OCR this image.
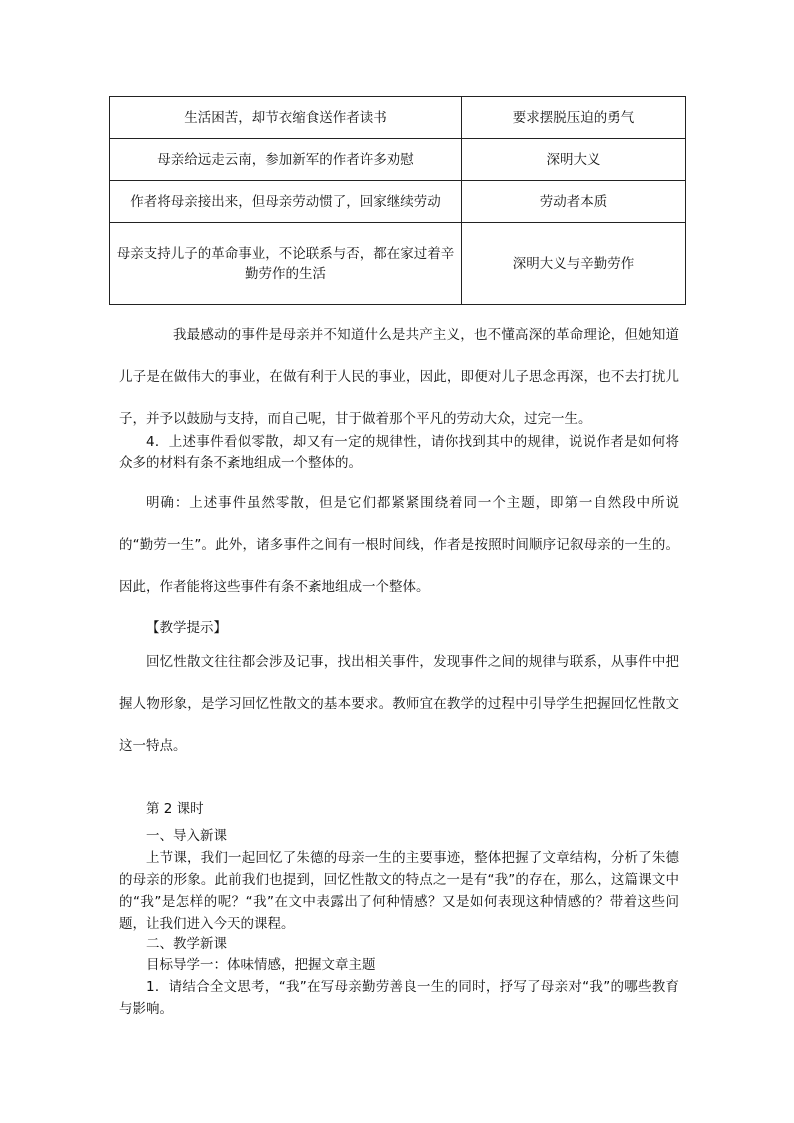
生活困苦，却节衣缩食送作者读书	要求摆脱压迫的勇气
母亲给远走云南，参加新军的作者许多劝慰	深明大义
作者将母亲接出来，但母亲劳动惯了，回家继续劳动	劳动者本质
母亲支持儿子的革命事业，不论联系与否，都在家过着辛勤劳作的生活	深明大义与辛勤劳作

我最感动的事件是母亲并不知道什么是共产主义，也不懂高深的革命理论，但她知道儿子是在做伟大的事业，在做有利于人民的事业，因此，即便对儿子思念再深，也不去打扰儿子，并予以鼓励与支持，而自己呢，甘于做着那个平凡的劳动大众，过完一生。

4．上述事件看似零散，却又有一定的规律性，请你找到其中的规律，说说作者是如何将众多的材料有条不紊地组成一个整体的。

明确：上述事件虽然零散，但是它们都紧紧围绕着同一个主题，即第一自然段中所说的“勤劳一生”。此外，诸多事件之间有一根时间线，作者是按照时间顺序记叙母亲的一生的。因此，作者能将这些事件有条不紊地组成一个整体。

【教学提示】

回忆性散文往往都会涉及记事，找出相关事件，发现事件之间的规律与联系，从事件中把握人物形象，是学习回忆性散文的基本要求。教师宜在教学的过程中引导学生把握回忆性散文这一特点。

第 2 课时

一、导入新课

上节课，我们一起回忆了朱德的母亲一生的主要事迹，整体把握了文章结构，分析了朱德的母亲的形象。此前我们也提到，回忆性散文的特点之一是有“我”的存在，那么，这篇课文中的“我”是怎样的呢？“我”在文中表露出了何种情感？又是如何表现这种情感的？带着这些问题，让我们进入今天的课程。

二、教学新课

目标导学一：体味情感，把握文章主题

1．请结合全文思考，“我”在写母亲勤劳善良一生的同时，抒写了母亲对“我”的哪些教育与影响。
